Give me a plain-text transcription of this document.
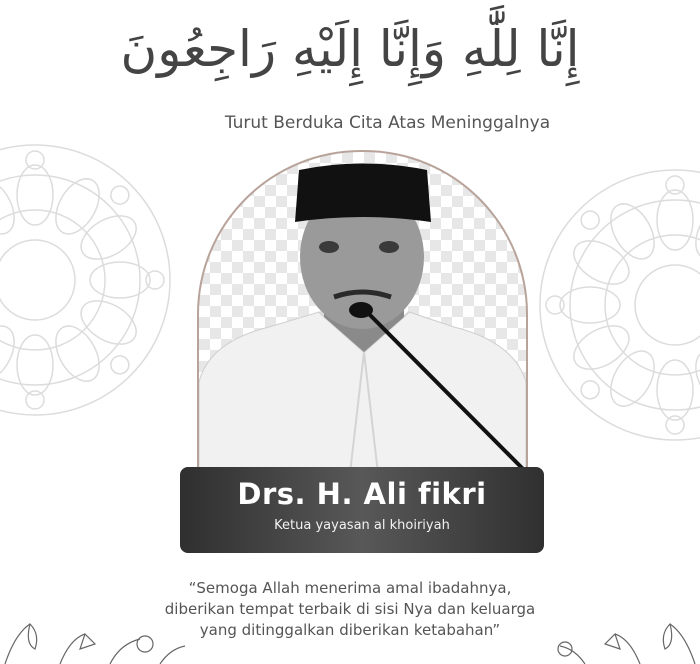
إِنَّا لِلَّٰهِ وَإِنَّا إِلَيْهِ رَاجِعُونَ
Turut Berduka Cita Atas Meninggalnya
Drs. H. Ali fikri
Ketua yayasan al khoiriyah
“Semoga Allah menerima amal ibadahnya,
diberikan tempat terbaik di sisi Nya dan keluarga
yang ditinggalkan diberikan ketabahan”
